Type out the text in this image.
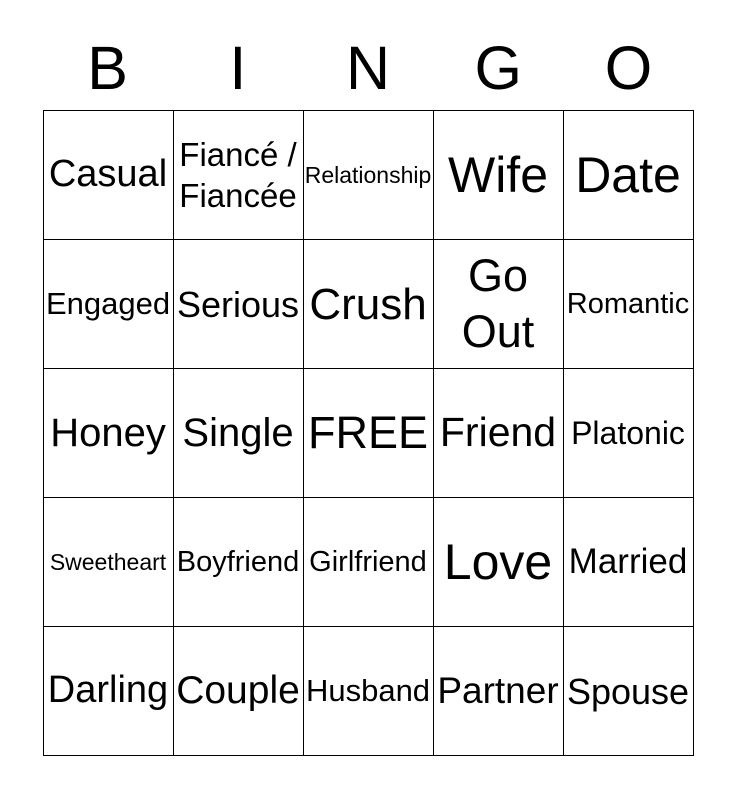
B	I	N	G	O
Casual	Fiancé / Fiancée	Relationship	Wife	Date
Engaged	Serious	Crush	Go Out	Romantic
Honey	Single	FREE	Friend	Platonic
Sweetheart	Boyfriend	Girlfriend	Love	Married
Darling	Couple	Husband	Partner	Spouse
